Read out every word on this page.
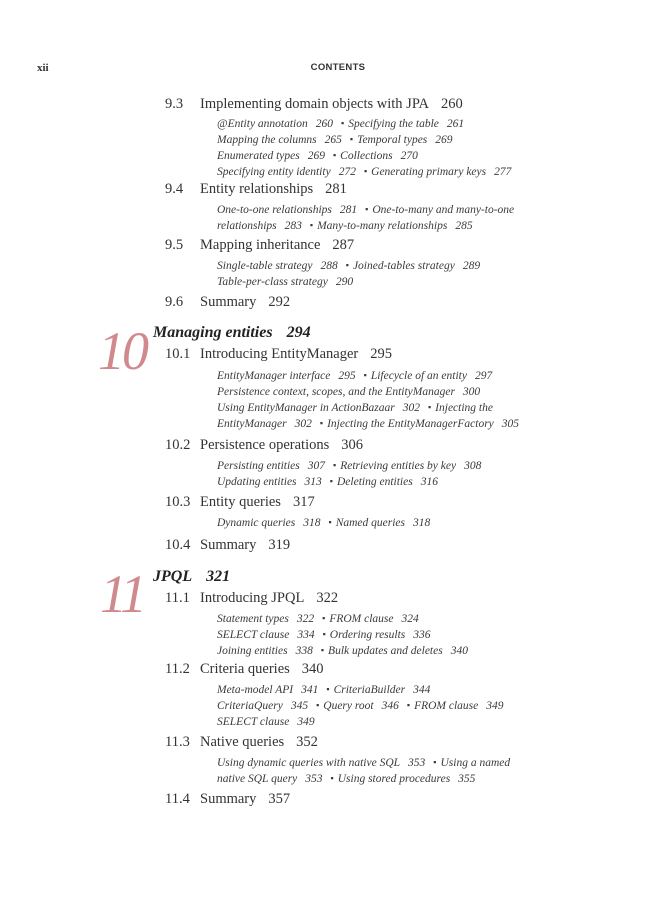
xii	CONTENTS
9.3 Implementing domain objects with JPA 260
@Entity annotation 260 ▪ Specifying the table 261
Mapping the columns 265 ▪ Temporal types 269
Enumerated types 269 ▪ Collections 270
Specifying entity identity 272 ▪ Generating primary keys 277
9.4 Entity relationships 281
One-to-one relationships 281 ▪ One-to-many and many-to-one
relationships 283 ▪ Many-to-many relationships 285
9.5 Mapping inheritance 287
Single-table strategy 288 ▪ Joined-tables strategy 289
Table-per-class strategy 290
9.6 Summary 292
10 Managing entities 294
10.1 Introducing EntityManager 295
EntityManager interface 295 ▪ Lifecycle of an entity 297
Persistence context, scopes, and the EntityManager 300
Using EntityManager in ActionBazaar 302 ▪ Injecting the
EntityManager 302 ▪ Injecting the EntityManagerFactory 305
10.2 Persistence operations 306
Persisting entities 307 ▪ Retrieving entities by key 308
Updating entities 313 ▪ Deleting entities 316
10.3 Entity queries 317
Dynamic queries 318 ▪ Named queries 318
10.4 Summary 319
11 JPQL 321
11.1 Introducing JPQL 322
Statement types 322 ▪ FROM clause 324
SELECT clause 334 ▪ Ordering results 336
Joining entities 338 ▪ Bulk updates and deletes 340
11.2 Criteria queries 340
Meta-model API 341 ▪ CriteriaBuilder 344
CriteriaQuery 345 ▪ Query root 346 ▪ FROM clause 349
SELECT clause 349
11.3 Native queries 352
Using dynamic queries with native SQL 353 ▪ Using a named
native SQL query 353 ▪ Using stored procedures 355
11.4 Summary 357
